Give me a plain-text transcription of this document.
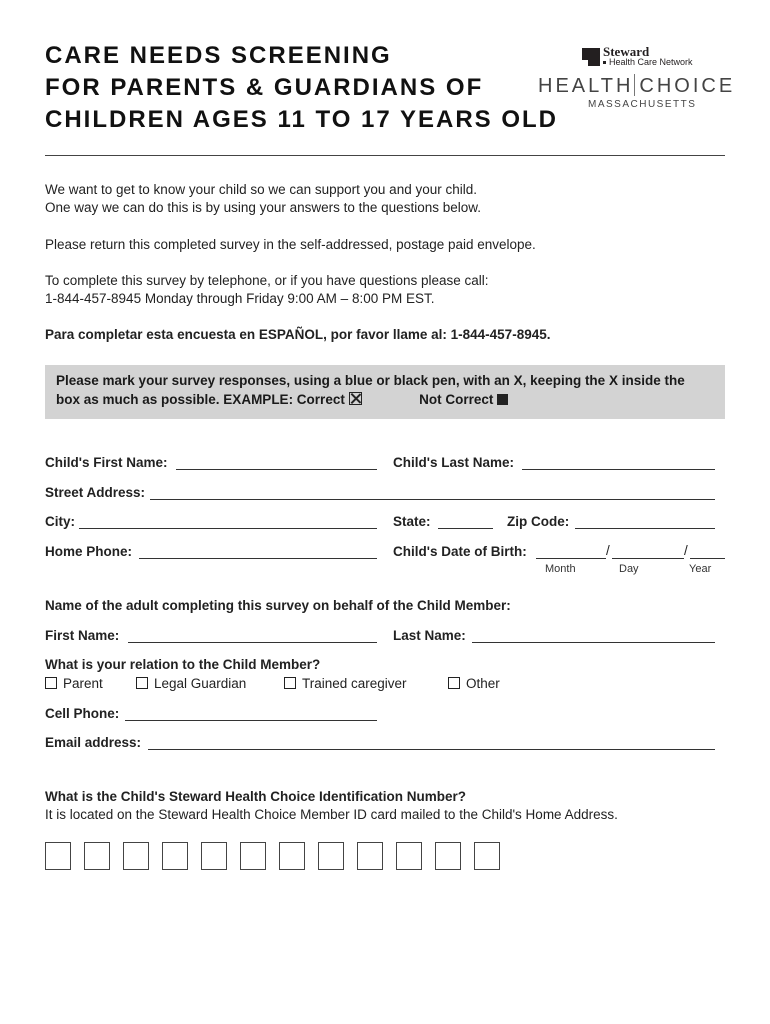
CARE NEEDS SCREENING
FOR PARENTS & GUARDIANS OF
CHILDREN AGES 11 TO 17 YEARS OLD
Steward
Health Care Network
HEALTH CHOICE
MASSACHUSETTS
We want to get to know your child so we can support you and your child.
One way we can do this is by using your answers to the questions below.
Please return this completed survey in the self-addressed, postage paid envelope.
To complete this survey by telephone, or if you have questions please call:
1-844-457-8945 Monday through Friday 9:00 AM – 8:00 PM EST.
Para completar esta encuesta en ESPAÑOL, por favor llame al: 1-844-457-8945.
Please mark your survey responses, using a blue or black pen, with an X, keeping the X inside the
box as much as possible. EXAMPLE: Correct	Not Correct
Child's First Name:	Child's Last Name:
Street Address:
City:	State:	Zip Code:
Home Phone:	Child's Date of Birth:	/	/
Month	Day	Year
Name of the adult completing this survey on behalf of the Child Member:
First Name:	Last Name:
What is your relation to the Child Member?
Parent	Legal Guardian	Trained caregiver	Other
Cell Phone:
Email address:
What is the Child's Steward Health Choice Identification Number?
It is located on the Steward Health Choice Member ID card mailed to the Child's Home Address.
